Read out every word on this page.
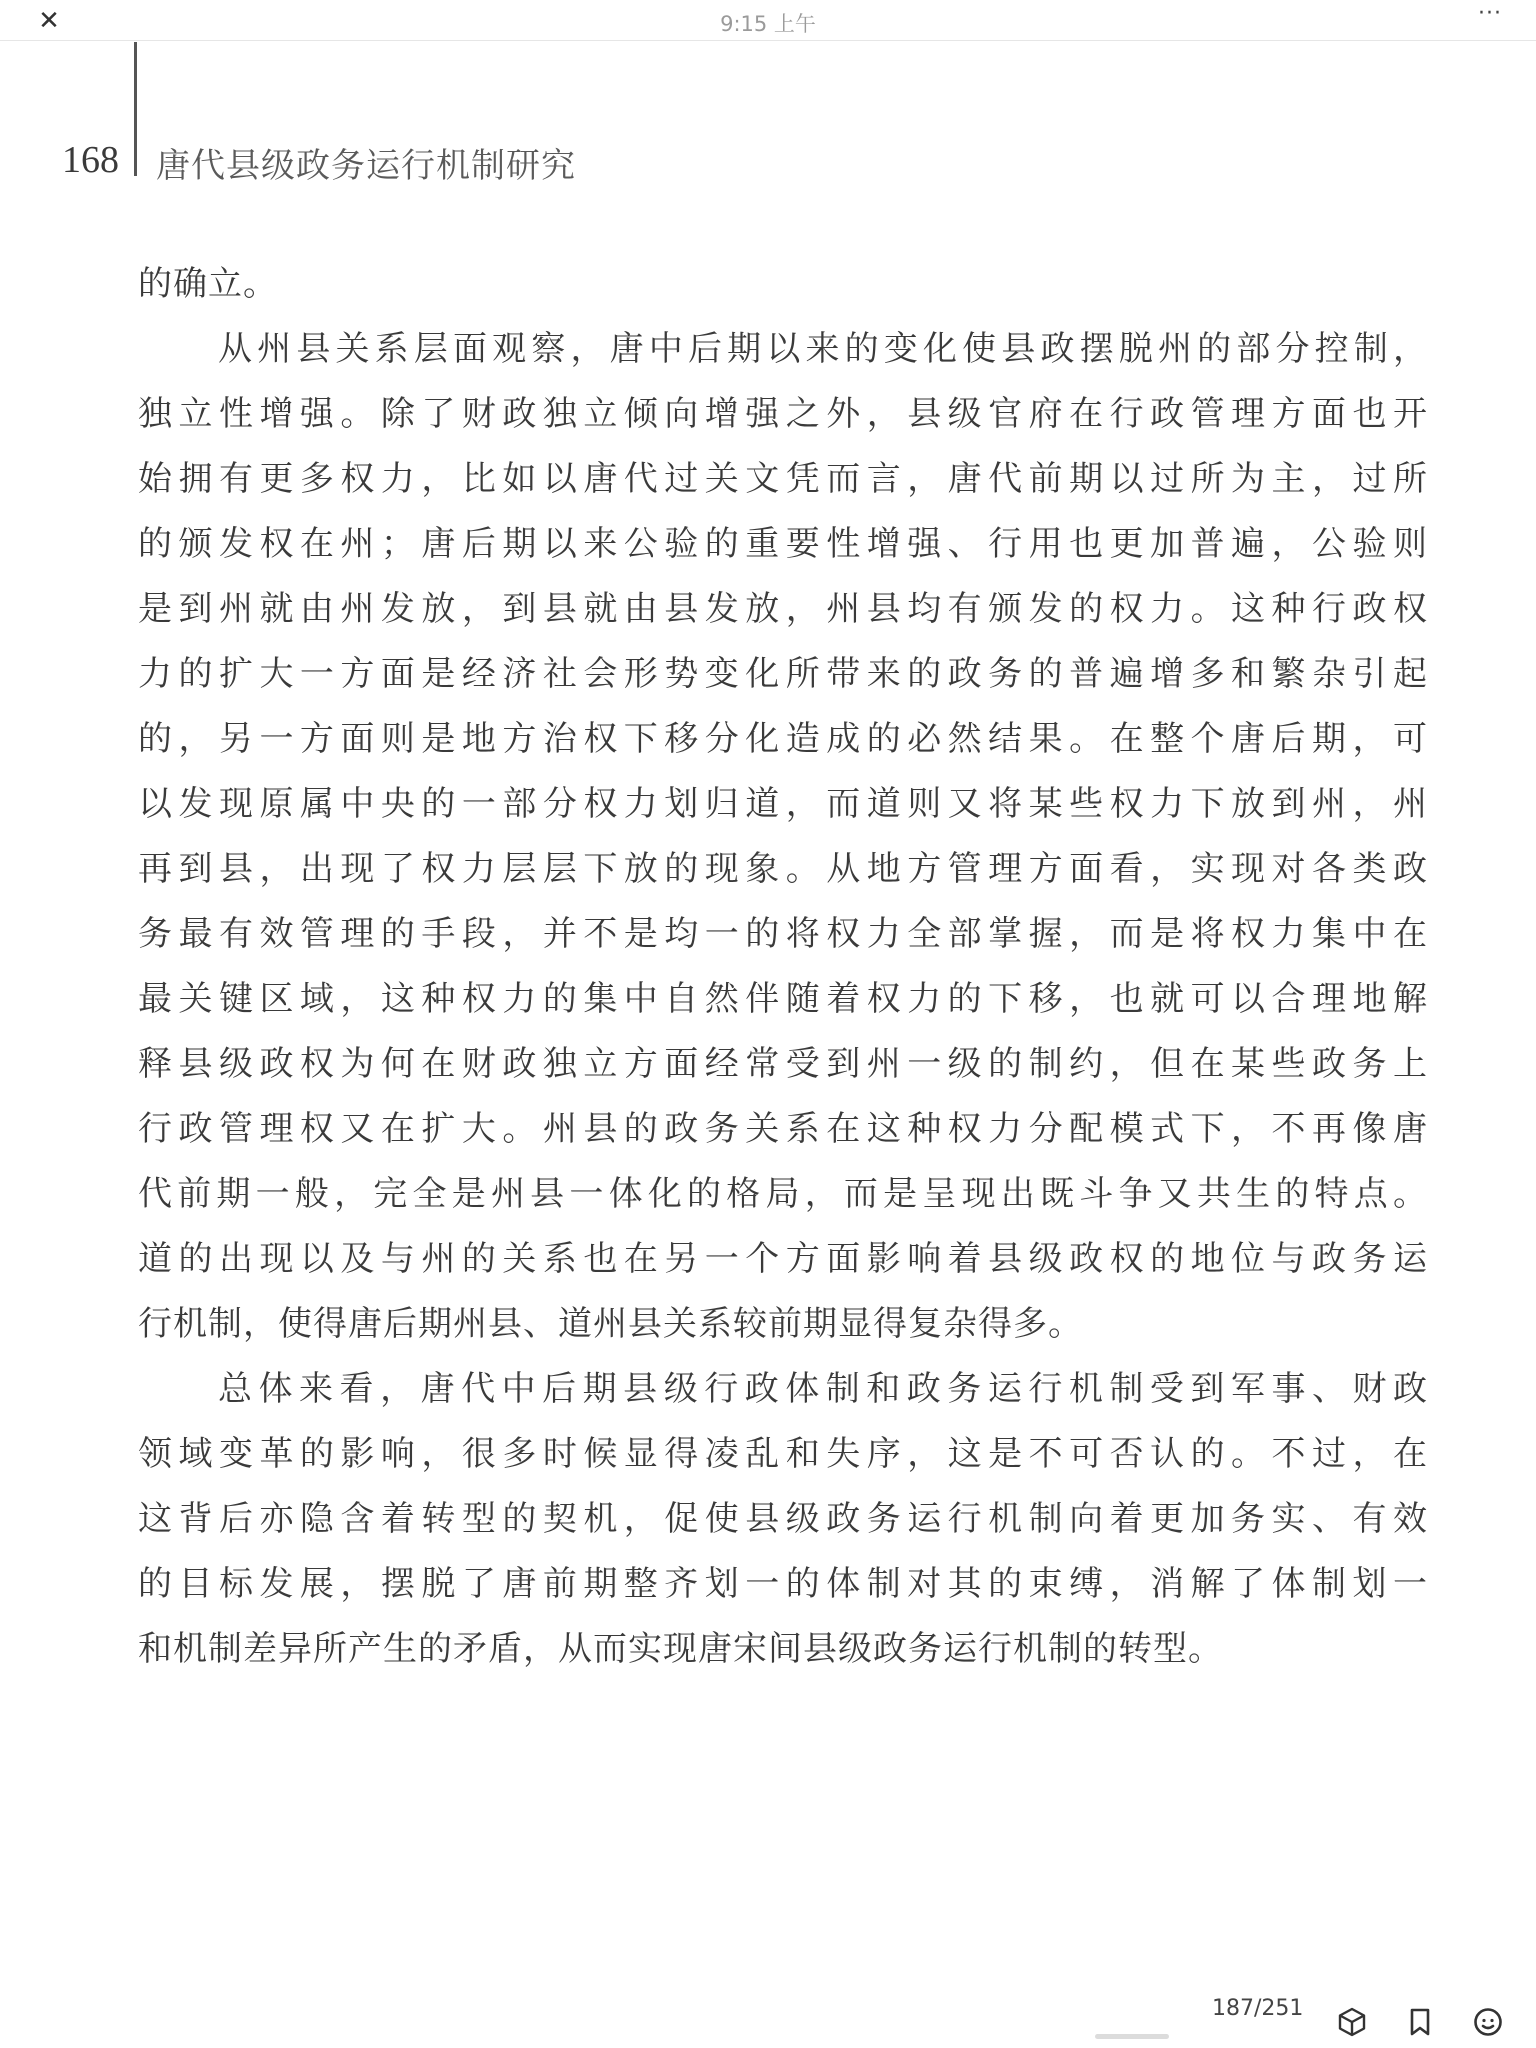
✕	9:15 上午	···
168 唐代县级政务运行机制研究
的确立。
从州县关系层面观察，唐中后期以来的变化使县政摆脱州的部分控制，
独立性增强。除了财政独立倾向增强之外，县级官府在行政管理方面也开
始拥有更多权力，比如以唐代过关文凭而言，唐代前期以过所为主，过所
的颁发权在州；唐后期以来公验的重要性增强、行用也更加普遍，公验则
是到州就由州发放，到县就由县发放，州县均有颁发的权力。这种行政权
力的扩大一方面是经济社会形势变化所带来的政务的普遍增多和繁杂引起
的，另一方面则是地方治权下移分化造成的必然结果。在整个唐后期，可
以发现原属中央的一部分权力划归道，而道则又将某些权力下放到州，州
再到县，出现了权力层层下放的现象。从地方管理方面看，实现对各类政
务最有效管理的手段，并不是均一的将权力全部掌握，而是将权力集中在
最关键区域，这种权力的集中自然伴随着权力的下移，也就可以合理地解
释县级政权为何在财政独立方面经常受到州一级的制约，但在某些政务上
行政管理权又在扩大。州县的政务关系在这种权力分配模式下，不再像唐
代前期一般，完全是州县一体化的格局，而是呈现出既斗争又共生的特点。
道的出现以及与州的关系也在另一个方面影响着县级政权的地位与政务运
行机制，使得唐后期州县、道州县关系较前期显得复杂得多。
总体来看，唐代中后期县级行政体制和政务运行机制受到军事、财政
领域变革的影响，很多时候显得凌乱和失序，这是不可否认的。不过，在
这背后亦隐含着转型的契机，促使县级政务运行机制向着更加务实、有效
的目标发展，摆脱了唐前期整齐划一的体制对其的束缚，消解了体制划一
和机制差异所产生的矛盾，从而实现唐宋间县级政务运行机制的转型。
187/251
